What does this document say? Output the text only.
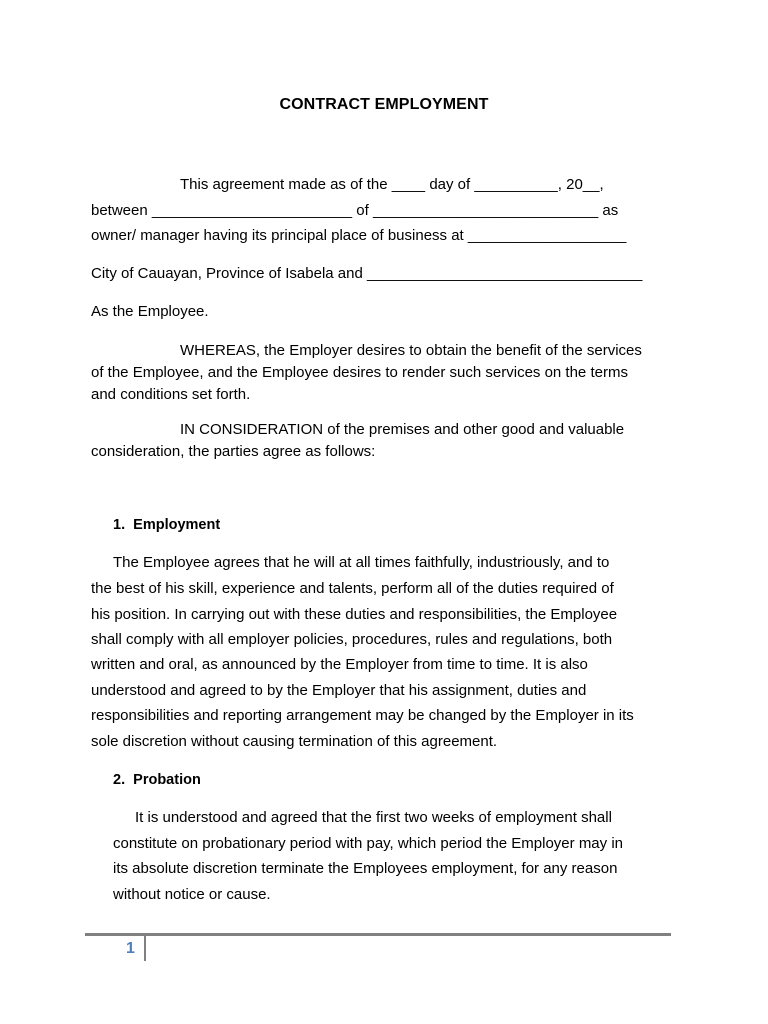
CONTRACT EMPLOYMENT
This agreement made as of the ____ day of __________, 20__,
between ________________________ of ___________________________ as
owner/ manager having its principal place of business at ___________________
City of Cauayan, Province of Isabela and _________________________________
As the Employee.
WHEREAS, the Employer desires to obtain the benefit of the services
of the Employee, and the Employee desires to render such services on the terms
and conditions set forth.
IN CONSIDERATION of the premises and other good and valuable
consideration, the parties agree as follows:
1.  Employment
The Employee agrees that he will at all times faithfully, industriously, and to
the best of his skill, experience and talents, perform all of the duties required of
his position. In carrying out with these duties and responsibilities, the Employee
shall comply with all employer policies, procedures, rules and regulations, both
written and oral, as announced by the Employer from time to time. It is also
understood and agreed to by the Employer that his assignment, duties and
responsibilities and reporting arrangement may be changed by the Employer in its
sole discretion without causing termination of this agreement.
2.  Probation
It is understood and agreed that the first two weeks of employment shall
constitute on probationary period with pay, which period the Employer may in
its absolute discretion terminate the Employees employment, for any reason
without notice or cause.
1
